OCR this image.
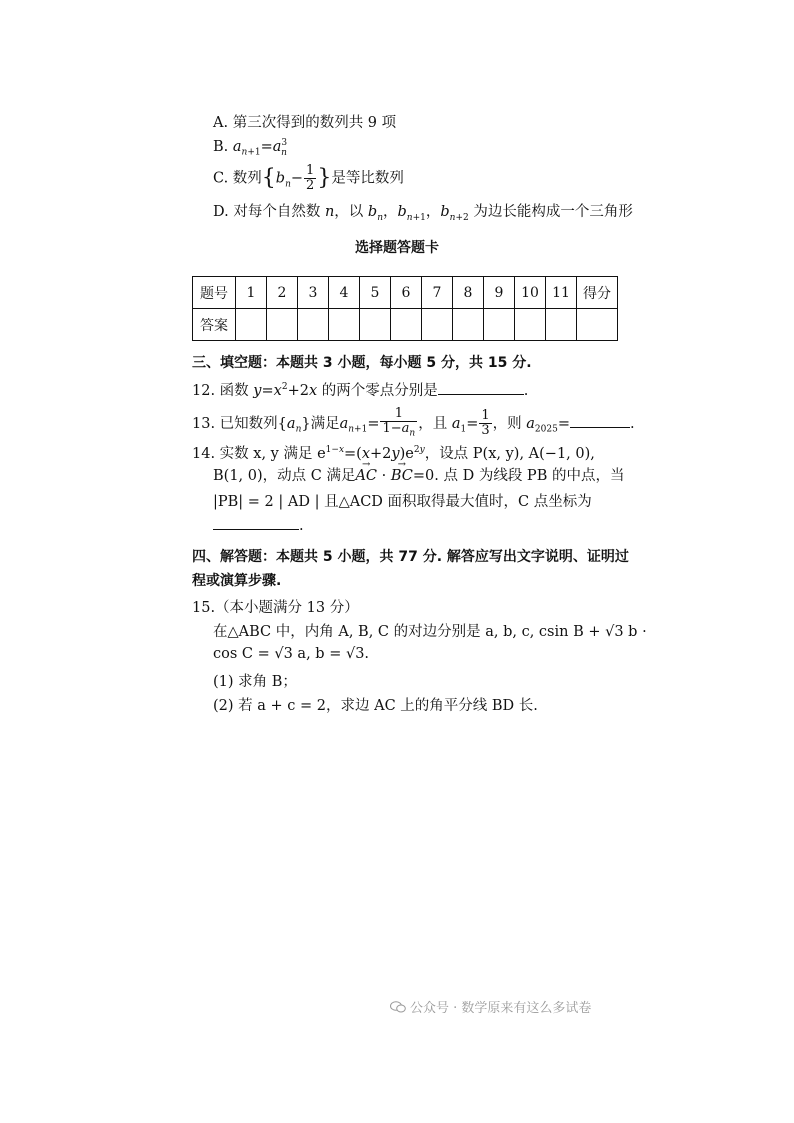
A. 第三次得到的数列共 9 项
B. $a_{n+1}=a^3_n$
C. 数列{$b_n- \frac{1}{2}$ }是等比数列
D. 对每个自然数 n，以 $b_n$，$b_{n+1}$，$b_{n+2}$ 为边长能构成一个三角形
选择题答题卡
题号	1	2	3	4	5	6	7	8	9	10	11	得分
答案												
三、填空题：本题共 3 小题，每小题 5 分，共 15 分.
12. 函数 $y=x^2+2x$ 的两个零点分别是	.
13. 已知数列$\{a_n\}$满足$a_{n+1}= \frac{1}{1-a_n}$ ，且 $a_1= \frac{1}{3}$ ，则 $a_{2025}=$	.
14. 实数 x, y 满足 $e^{1-x}=(x+2y)e^{2y}$，设点 P(x, y), A(−1, 0),
B(1, 0)，动点 C 满足→ AC · → BC=0. 点 D 为线段 PB 的中点，当
|PB| = 2 | AD | 且△ACD 面积取得最大值时，C 点坐标为
.
四、解答题：本题共 5 小题，共 77 分. 解答应写出文字说明、证明过
程或演算步骤.
15.（本小题满分 13 分）
在△ABC 中，内角 A, B, C 的对边分别是 a, b, c, csin B + √3 b ·
cos C = √3 a, b = √3.
(1) 求角 B；
(2) 若 a + c = 2，求边 AC 上的角平分线 BD 长.
公众号 · 数学原来有这么多试卷
